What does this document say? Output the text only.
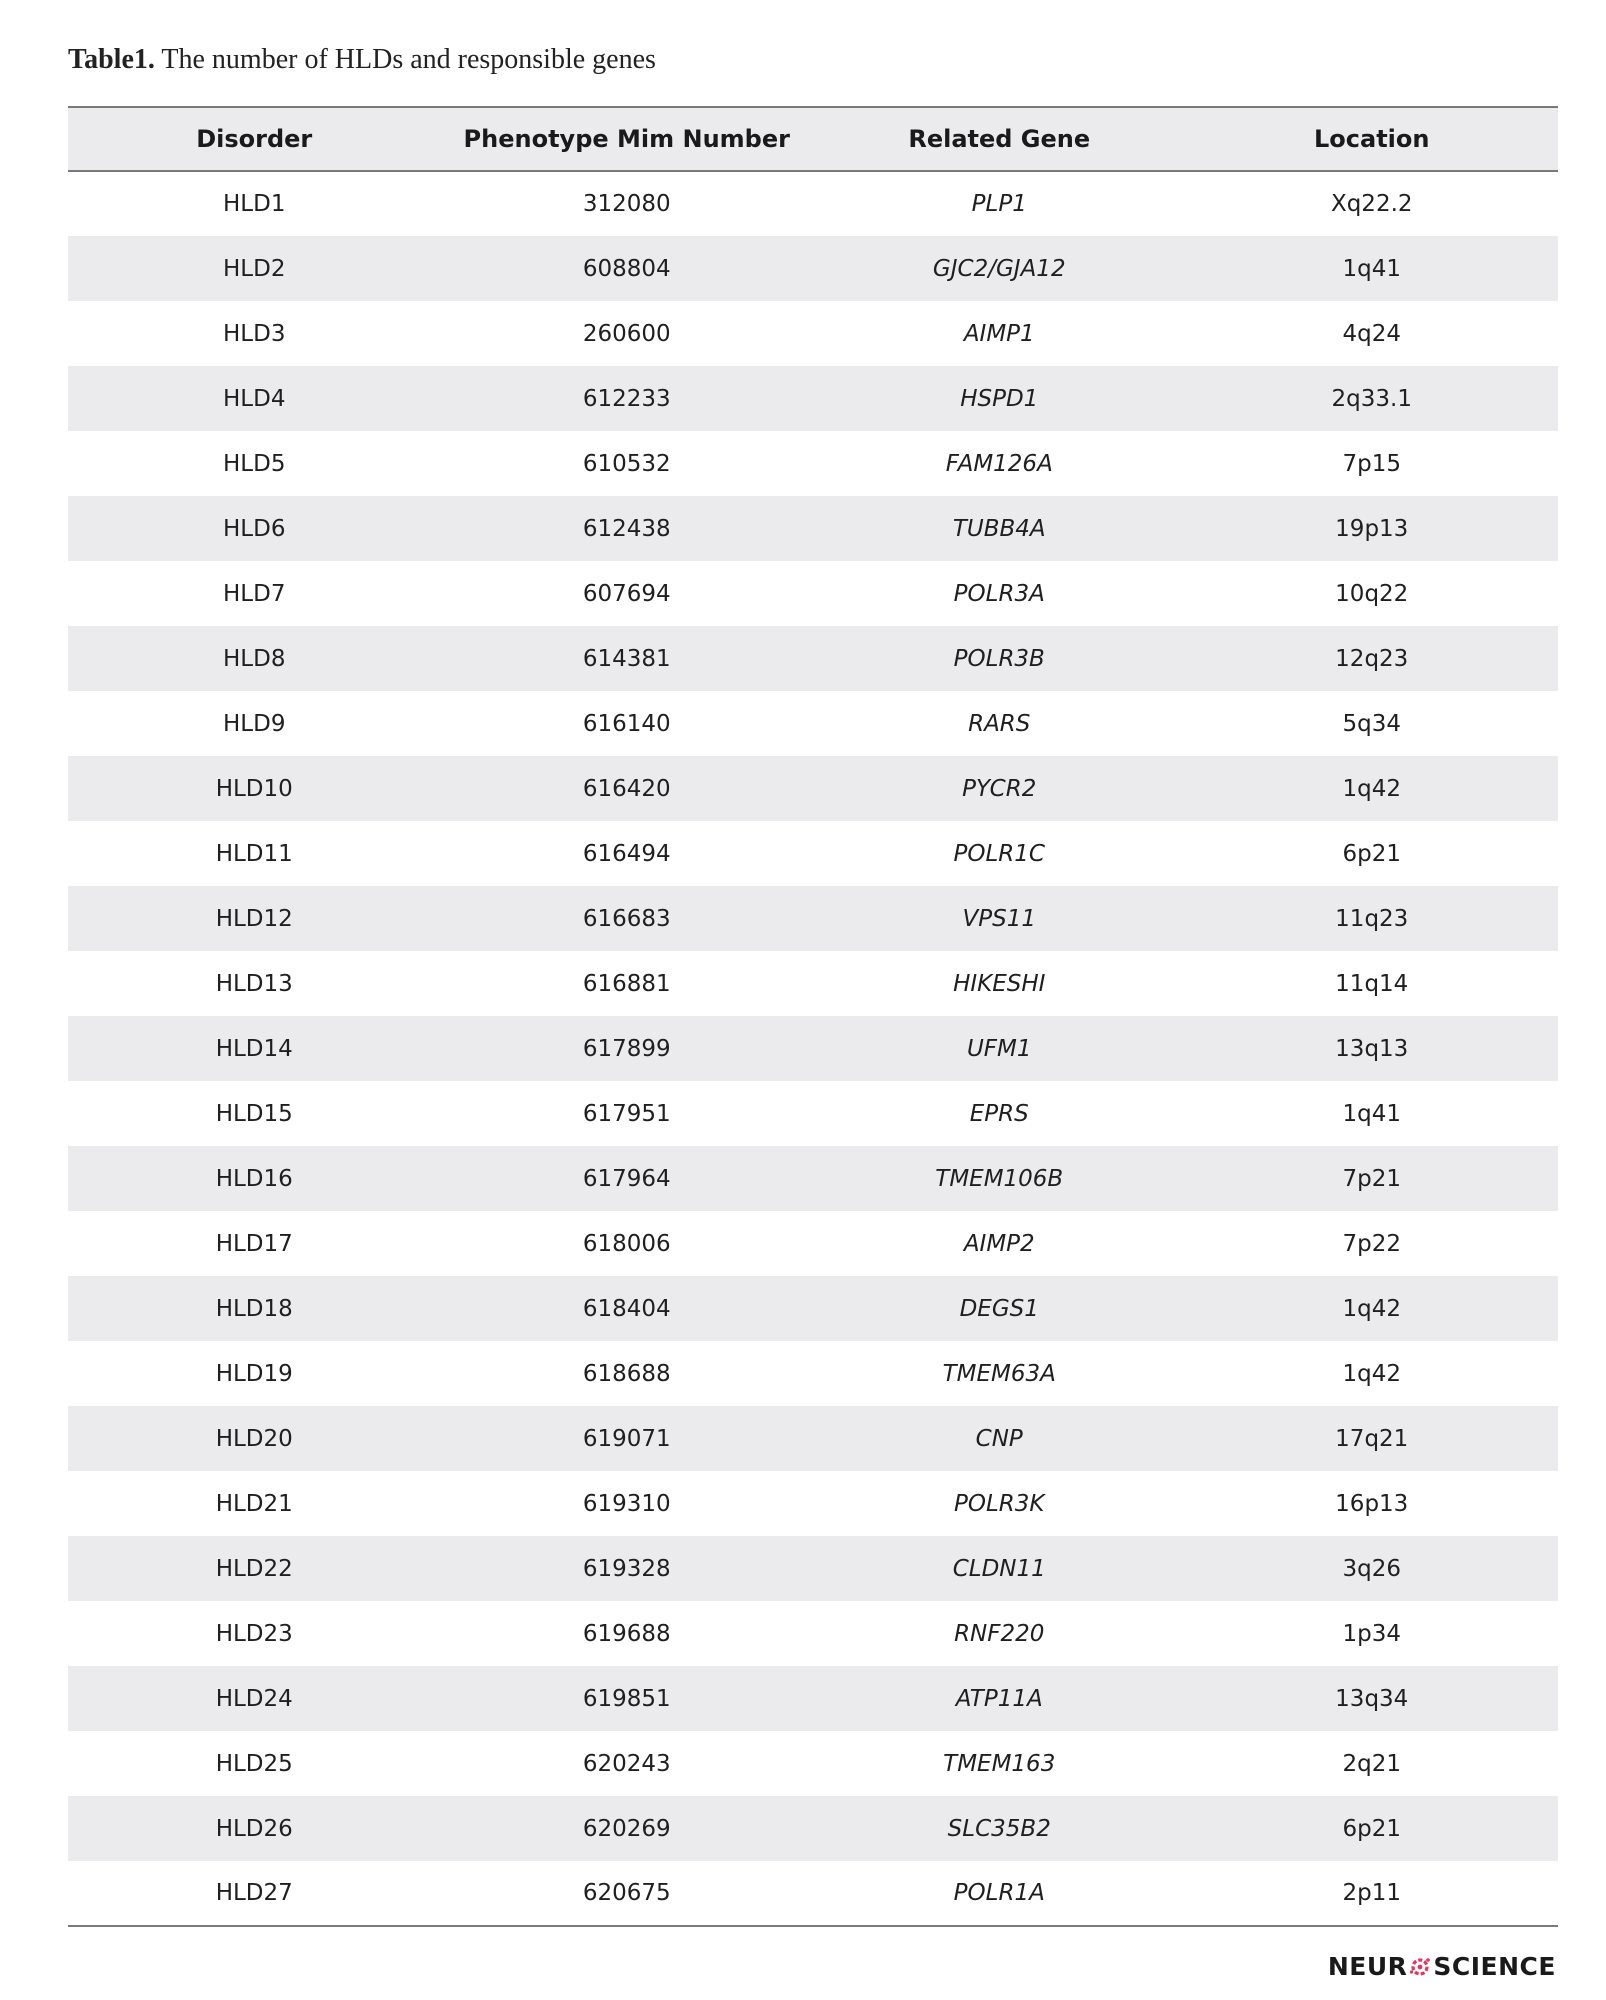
Table1. The number of HLDs and responsible genes
Disorder	Phenotype Mim Number	Related Gene	Location
HLD1	312080	PLP1	Xq22.2
HLD2	608804	GJC2/GJA12	1q41
HLD3	260600	AIMP1	4q24
HLD4	612233	HSPD1	2q33.1
HLD5	610532	FAM126A	7p15
HLD6	612438	TUBB4A	19p13
HLD7	607694	POLR3A	10q22
HLD8	614381	POLR3B	12q23
HLD9	616140	RARS	5q34
HLD10	616420	PYCR2	1q42
HLD11	616494	POLR1C	6p21
HLD12	616683	VPS11	11q23
HLD13	616881	HIKESHI	11q14
HLD14	617899	UFM1	13q13
HLD15	617951	EPRS	1q41
HLD16	617964	TMEM106B	7p21
HLD17	618006	AIMP2	7p22
HLD18	618404	DEGS1	1q42
HLD19	618688	TMEM63A	1q42
HLD20	619071	CNP	17q21
HLD21	619310	POLR3K	16p13
HLD22	619328	CLDN11	3q26
HLD23	619688	RNF220	1p34
HLD24	619851	ATP11A	13q34
HLD25	620243	TMEM163	2q21
HLD26	620269	SLC35B2	6p21
HLD27	620675	POLR1A	2p11
NEUR SCIENCE
